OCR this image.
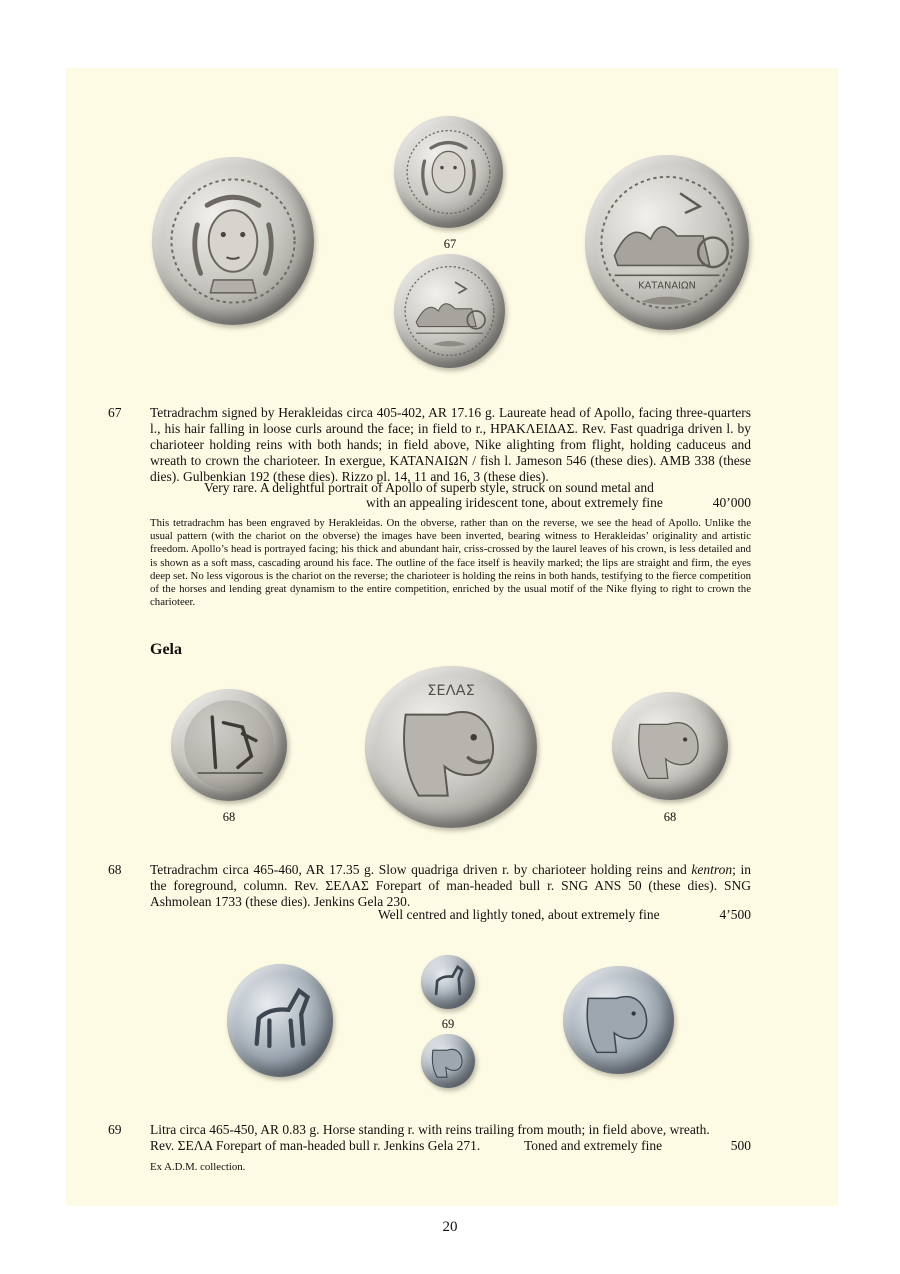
67
ΚΑΤΑΝΑΙΩΝ
67 Tetradrachm signed by Herakleidas circa 405-402, AR 17.16 g. Laureate head of Apollo, facing three-quarters l., his hair falling in loose curls around the face; in field to r., ΗΡΑΚΛΕΙΔΑΣ. Rev. Fast quadriga driven l. by charioteer holding reins with both hands; in field above, Nike alighting from flight, holding caduceus and wreath to crown the charioteer. In exergue, ΚΑΤΑΝΑΙΩΝ / fish l. Jameson 546 (these dies). AMB 338 (these dies). Gulbenkian 192 (these dies). Rizzo pl. 14, 11 and 16, 3 (these dies).
Very rare. A delightful portrait of Apollo of superb style, struck on sound metal and
with an appealing iridescent tone, about extremely fine	40’000
This tetradrachm has been engraved by Herakleidas. On the obverse, rather than on the reverse, we see the head of Apollo. Unlike the usual pattern (with the chariot on the obverse) the images have been inverted, bearing witness to Herakleidas’ originality and artistic freedom. Apollo’s head is portrayed facing; his thick and abundant hair, criss-crossed by the laurel leaves of his crown, is less detailed and is shown as a soft mass, cascading around his face. The outline of the face itself is heavily marked; the lips are straight and firm, the eyes deep set. No less vigorous is the chariot on the reverse; the charioteer is holding the reins in both hands, testifying to the fierce competition of the horses and lending great dynamism to the entire competition, enriched by the usual motif of the Nike flying to right to crown the charioteer.
Gela
ΣΕΛΑΣ
68	68
68 Tetradrachm circa 465-460, AR 17.35 g. Slow quadriga driven r. by charioteer holding reins and kentron; in the foreground, column. Rev. ΣΕΛΑΣ Forepart of man-headed bull r. SNG ANS 50 (these dies). SNG Ashmolean 1733 (these dies). Jenkins Gela 230.
Well centred and lightly toned, about extremely fine	4’500
69
69 Litra circa 465-450, AR 0.83 g. Horse standing r. with reins trailing from mouth; in field above, wreath.
Rev. ΣΕΛΑ Forepart of man-headed bull r. Jenkins Gela 271.	Toned and extremely fine	500
Ex A.D.M. collection.
20
